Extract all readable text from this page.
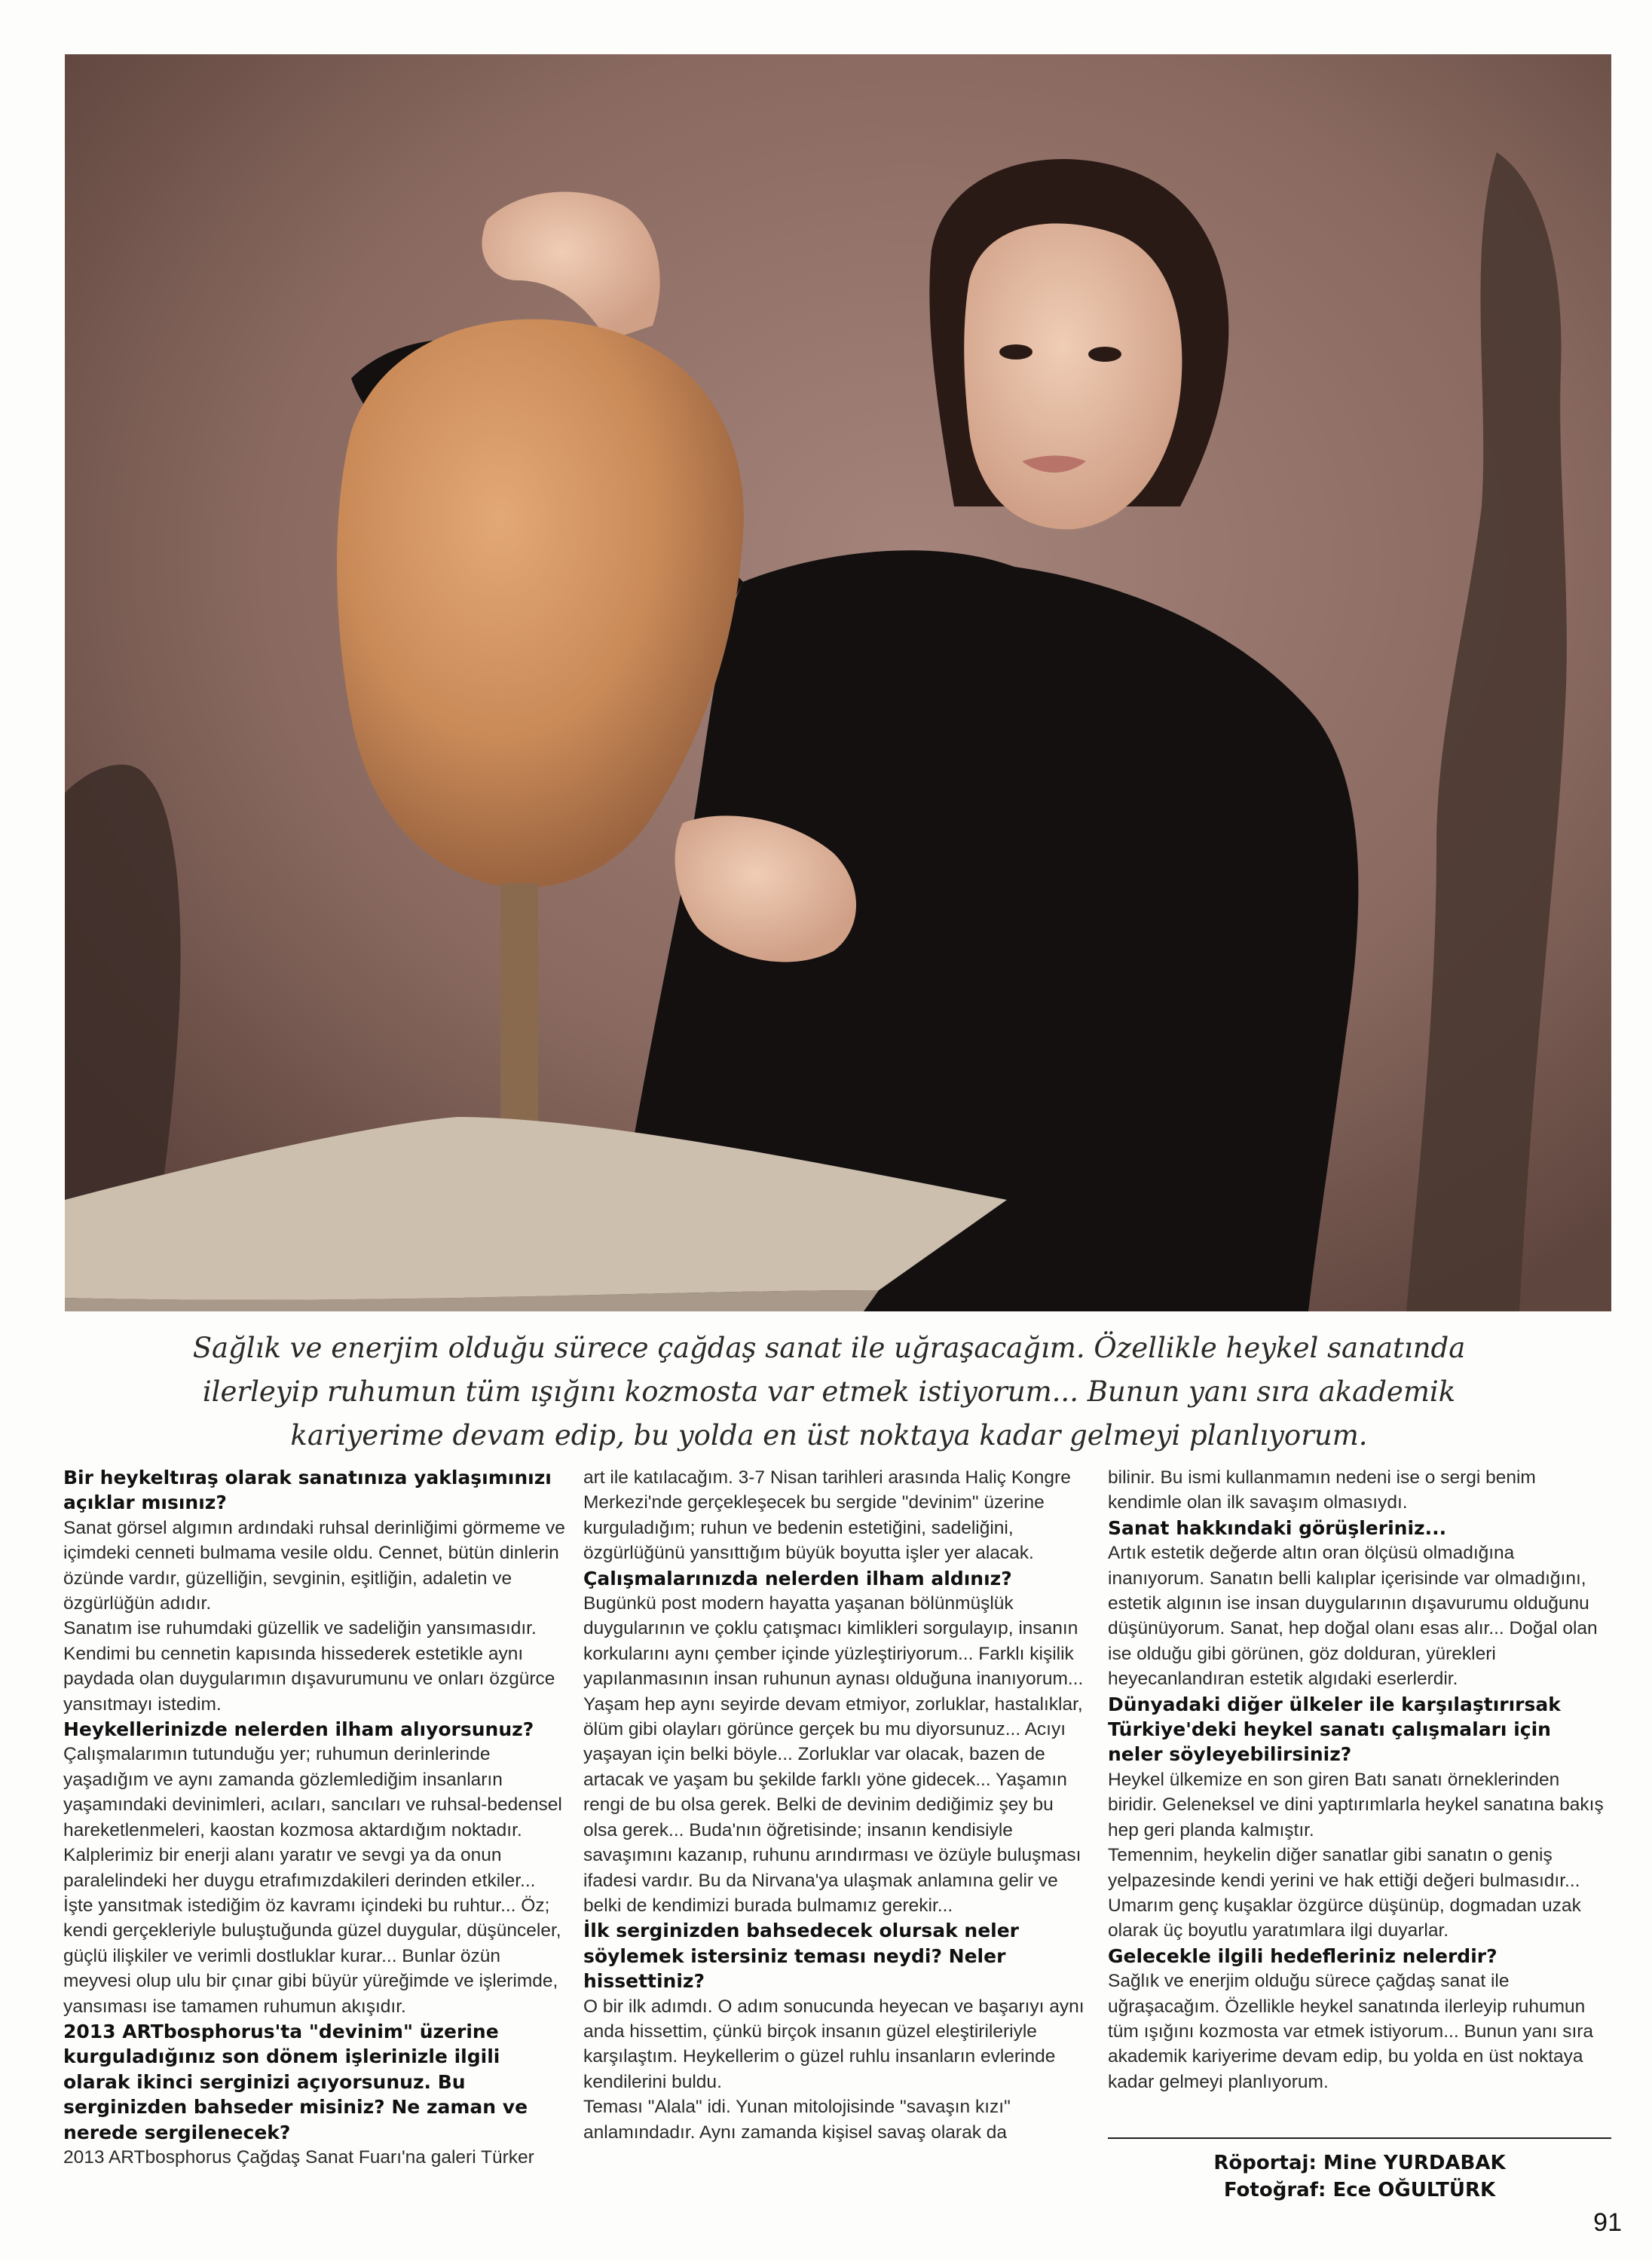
Sağlık ve enerjim olduğu sürece çağdaş sanat ile uğraşacağım. Özellikle heykel sanatında ilerleyip ruhumun tüm ışığını kozmosta var etmek istiyorum... Bunun yanı sıra akademik kariyerime devam edip, bu yolda en üst noktaya kadar gelmeyi planlıyorum.
Bir heykeltıraş olarak sanatınıza yaklaşımınızı açıklar mısınız?

Sanat görsel algımın ardındaki ruhsal derinliğimi görmeme ve içimdeki cenneti bulmama vesile oldu. Cennet, bütün dinlerin özünde vardır, güzelliğin, sevginin, eşitliğin, adaletin ve özgürlüğün adıdır.

Sanatım ise ruhumdaki güzellik ve sadeliğin yansımasıdır. Kendimi bu cennetin kapısında hissederek estetikle aynı paydada olan duygularımın dışavurumunu ve onları özgürce yansıtmayı istedim.

Heykellerinizde nelerden ilham alıyorsunuz?

Çalışmalarımın tutunduğu yer; ruhumun derinlerinde yaşadığım ve aynı zamanda gözlemlediğim insanların yaşamındaki devinimleri, acıları, sancıları ve ruhsal-bedensel hareketlenmeleri, kaostan kozmosa aktardığım noktadır. Kalplerimiz bir enerji alanı yaratır ve sevgi ya da onun paralelindeki her duygu etrafımızdakileri derinden etkiler... İşte yansıtmak istediğim öz kavramı içindeki bu ruhtur... Öz; kendi gerçekleriyle buluştuğunda güzel duygular, düşünceler, güçlü ilişkiler ve verimli dostluklar kurar... Bunlar özün meyvesi olup ulu bir çınar gibi büyür yüreğimde ve işlerimde, yansıması ise tamamen ruhumun akışıdır.

2013 ARTbosphorus'ta "devinim" üzerine kurguladığınız son dönem işlerinizle ilgili olarak ikinci serginizi açıyorsunuz. Bu serginizden bahseder misiniz? Ne zaman ve nerede sergilenecek?

2013 ARTbosphorus Çağdaş Sanat Fuarı'na galeri Türker

art ile katılacağım. 3-7 Nisan tarihleri arasında Haliç Kongre Merkezi'nde gerçekleşecek bu sergide "devinim" üzerine kurguladığım; ruhun ve bedenin estetiğini, sadeliğini, özgürlüğünü yansıttığım büyük boyutta işler yer alacak.

Çalışmalarınızda nelerden ilham aldınız?

Bugünkü post modern hayatta yaşanan bölünmüşlük duygularının ve çoklu çatışmacı kimlikleri sorgulayıp, insanın korkularını aynı çember içinde yüzleştiriyorum... Farklı kişilik yapılanmasının insan ruhunun aynası olduğuna inanıyorum... Yaşam hep aynı seyirde devam etmiyor, zorluklar, hastalıklar, ölüm gibi olayları görünce gerçek bu mu diyorsunuz... Acıyı yaşayan için belki böyle... Zorluklar var olacak, bazen de artacak ve yaşam bu şekilde farklı yöne gidecek... Yaşamın rengi de bu olsa gerek. Belki de devinim dediğimiz şey bu olsa gerek... Buda'nın öğretisinde; insanın kendisiyle savaşımını kazanıp, ruhunu arındırması ve özüyle buluşması ifadesi vardır. Bu da Nirvana'ya ulaşmak anlamına gelir ve belki de kendimizi burada bulmamız gerekir...

İlk serginizden bahsedecek olursak neler söylemek istersiniz teması neydi? Neler hissettiniz?

O bir ilk adımdı. O adım sonucunda heyecan ve başarıyı aynı anda hissettim, çünkü birçok insanın güzel eleştirileriyle karşılaştım. Heykellerim o güzel ruhlu insanların evlerinde kendilerini buldu.

Teması "Alala" idi. Yunan mitolojisinde "savaşın kızı" anlamındadır. Aynı zamanda kişisel savaş olarak da

bilinir. Bu ismi kullanmamın nedeni ise o sergi benim kendimle olan ilk savaşım olmasıydı.

Sanat hakkındaki görüşleriniz...

Artık estetik değerde altın oran ölçüsü olmadığına inanıyorum. Sanatın belli kalıplar içerisinde var olmadığını, estetik algının ise insan duygularının dışavurumu olduğunu düşünüyorum. Sanat, hep doğal olanı esas alır... Doğal olan ise olduğu gibi görünen, göz dolduran, yürekleri heyecanlandıran estetik algıdaki eserlerdir.

Dünyadaki diğer ülkeler ile karşılaştırırsak Türkiye'deki heykel sanatı çalışmaları için neler söyleyebilirsiniz?

Heykel ülkemize en son giren Batı sanatı örneklerinden biridir. Geleneksel ve dini yaptırımlarla heykel sanatına bakış hep geri planda kalmıştır.

Temennim, heykelin diğer sanatlar gibi sanatın o geniş yelpazesinde kendi yerini ve hak ettiği değeri bulmasıdır... Umarım genç kuşaklar özgürce düşünüp, dogmadan uzak olarak üç boyutlu yaratımlara ilgi duyarlar.

Gelecekle ilgili hedefleriniz nelerdir?

Sağlık ve enerjim olduğu sürece çağdaş sanat ile uğraşacağım. Özellikle heykel sanatında ilerleyip ruhumun tüm ışığını kozmosta var etmek istiyorum... Bunun yanı sıra akademik kariyerime devam edip, bu yolda en üst noktaya kadar gelmeyi planlıyorum.

Röportaj: Mine YURDABAK
Fotoğraf: Ece OĞULTÜRK
91
